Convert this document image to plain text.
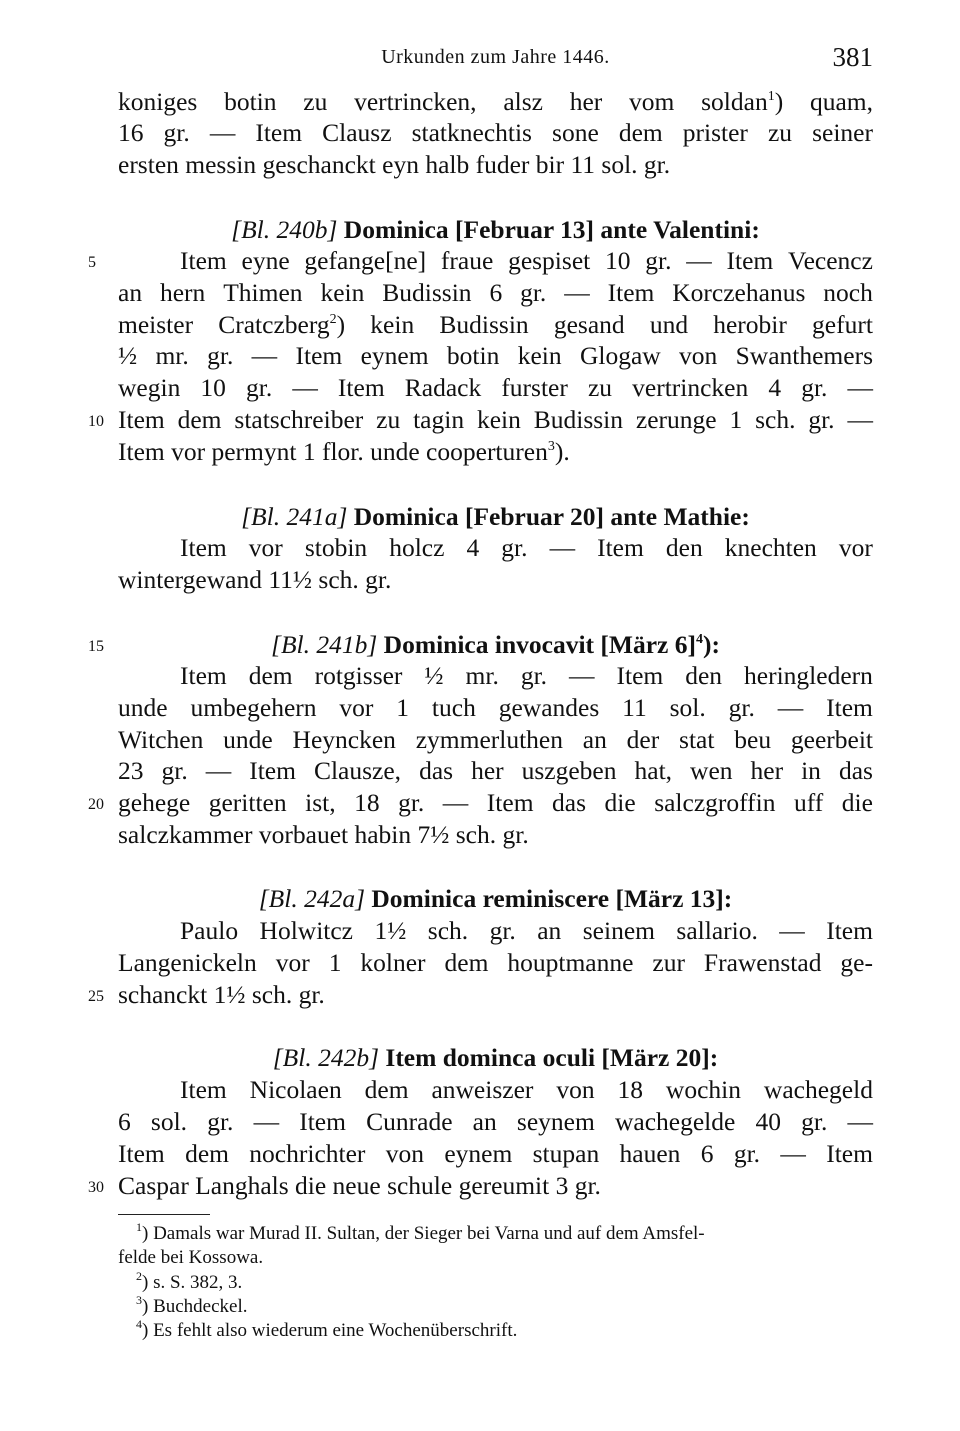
Urkunden zum Jahre 1446.	381
koniges botin zu vertrincken, alsz her vom soldan$^1$) quam,
16 gr. — Item Clausz statknechtis sone dem prister zu seiner
ersten messin geschanckt eyn halb fuder bir 11 sol. gr.
[Bl. 240b] Dominica [Februar 13] ante Valentini:
Item eyne gefange[ne] fraue gespiset 10 gr. — Item Vecencz
5
an hern Thimen kein Budissin 6 gr. — Item Korczehanus noch
meister Cratczberg$^2$) kein Budissin gesand und herobir gefurt
½ mr. gr. — Item eynem botin kein Glogaw von Swanthemers
wegin 10 gr. — Item Radack furster zu vertrincken 4 gr. —
Item dem statschreiber zu tagin kein Budissin zerunge 1 sch. gr. —
10
Item vor permynt 1 flor. unde cooperturen$^3$).
[Bl. 241a] Dominica [Februar 20] ante Mathie:
Item vor stobin holcz 4 gr. — Item den knechten vor
wintergewand 11½ sch. gr.
[Bl. 241b] Dominica invocavit [März 6]$^4$):
15
Item dem rotgisser ½ mr. gr. — Item den heringledern
unde umbegehern vor 1 tuch gewandes 11 sol. gr. — Item
Witchen unde Heyncken zymmerluthen an der stat beu geerbeit
23 gr. — Item Clausze, das her uszgeben hat, wen her in das
gehege geritten ist, 18 gr. — Item das die salczgroffin uff die
20
salczkammer vorbauet habin 7½ sch. gr.
[Bl. 242a] Dominica reminiscere [März 13]:
Paulo Holwitcz 1½ sch. gr. an seinem sallario. — Item
Langenickeln vor 1 kolner dem houptmanne zur Frawenstad ge-
schanckt 1½ sch. gr.
25
[Bl. 242b] Item dominca oculi [März 20]:
Item Nicolaen dem anweiszer von 18 wochin wachegeld
6 sol. gr. — Item Cunrade an seynem wachegelde 40 gr. —
Item dem nochrichter von eynem stupan hauen 6 gr. — Item
Caspar Langhals die neue schule gereumit 3 gr.
30
$^1$) Damals war Murad II. Sultan, der Sieger bei Varna und auf dem Amsfel-
felde bei Kossowa.
$^2$) s. S. 382, 3.
$^3$) Buchdeckel.
$^4$) Es fehlt also wiederum eine Wochenüberschrift.
